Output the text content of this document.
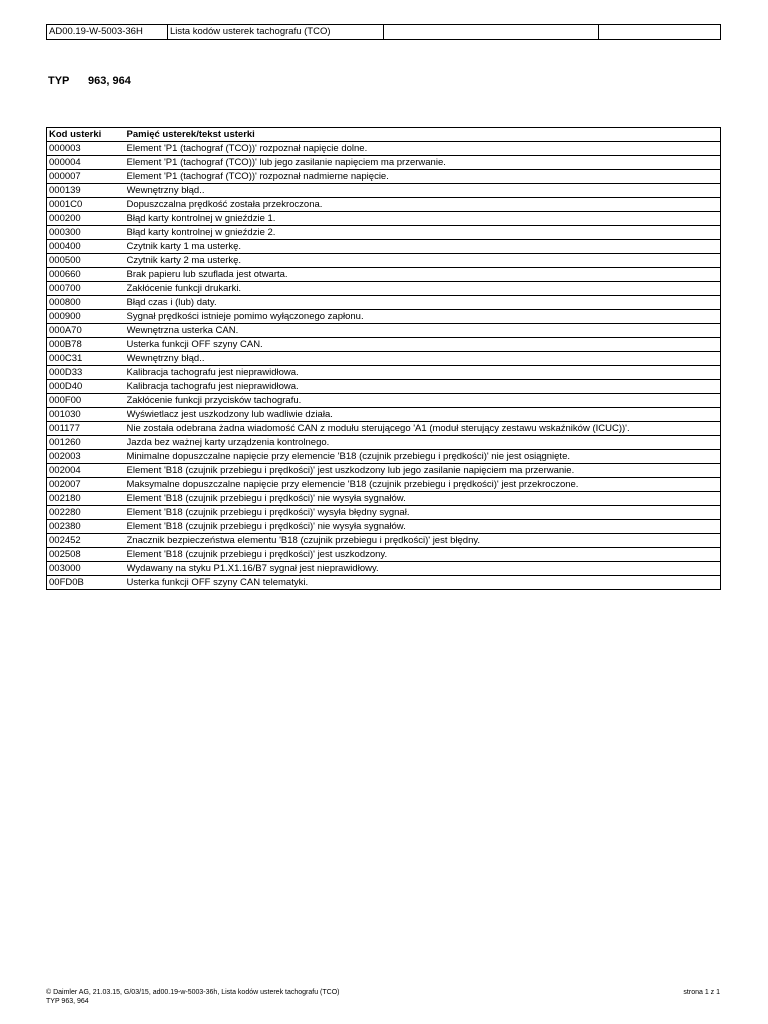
AD00.19-W-5003-36H	Lista kodów usterek tachografu (TCO)		
TYP 963, 964
Kod usterki	Pamięć usterek/tekst usterki
000003	Element 'P1 (tachograf (TCO))' rozpoznał napięcie dolne.
000004	Element 'P1 (tachograf (TCO))' lub jego zasilanie napięciem ma przerwanie.
000007	Element 'P1 (tachograf (TCO))' rozpoznał nadmierne napięcie.
000139	Wewnętrzny błąd..
0001C0	Dopuszczalna prędkość została przekroczona.
000200	Błąd karty kontrolnej w gnieździe 1.
000300	Błąd karty kontrolnej w gnieździe 2.
000400	Czytnik karty 1 ma usterkę.
000500	Czytnik karty 2 ma usterkę.
000660	Brak papieru lub szuflada jest otwarta.
000700	Zakłócenie funkcji drukarki.
000800	Błąd czas i (lub) daty.
000900	Sygnał prędkości istnieje pomimo wyłączonego zapłonu.
000A70	Wewnętrzna usterka CAN.
000B78	Usterka funkcji OFF szyny CAN.
000C31	Wewnętrzny błąd..
000D33	Kalibracja tachografu jest nieprawidłowa.
000D40	Kalibracja tachografu jest nieprawidłowa.
000F00	Zakłócenie funkcji przycisków tachografu.
001030	Wyświetlacz jest uszkodzony lub wadliwie działa.
001177	Nie została odebrana żadna wiadomość CAN z modułu sterującego 'A1 (moduł sterujący zestawu wskaźników (ICUC))'.
001260	Jazda bez ważnej karty urządzenia kontrolnego.
002003	Minimalne dopuszczalne napięcie przy elemencie 'B18 (czujnik przebiegu i prędkości)' nie jest osiągnięte.
002004	Element 'B18 (czujnik przebiegu i prędkości)' jest uszkodzony lub jego zasilanie napięciem ma przerwanie.
002007	Maksymalne dopuszczalne napięcie przy elemencie 'B18 (czujnik przebiegu i prędkości)' jest przekroczone.
002180	Element 'B18 (czujnik przebiegu i prędkości)' nie wysyła sygnałów.
002280	Element 'B18 (czujnik przebiegu i prędkości)' wysyła błędny sygnał.
002380	Element 'B18 (czujnik przebiegu i prędkości)' nie wysyła sygnałów.
002452	Znacznik bezpieczeństwa elementu 'B18 (czujnik przebiegu i prędkości)' jest błędny.
002508	Element 'B18 (czujnik przebiegu i prędkości)' jest uszkodzony.
003000	Wydawany na styku P1.X1.16/B7 sygnał jest nieprawidłowy.
00FD0B	Usterka funkcji OFF szyny CAN telematyki.
© Daimler AG, 21.03.15, G/03/15, ad00.19-w-5003-36h, Lista kodów usterek tachografu (TCO)
TYP 963, 964
strona 1 z 1
